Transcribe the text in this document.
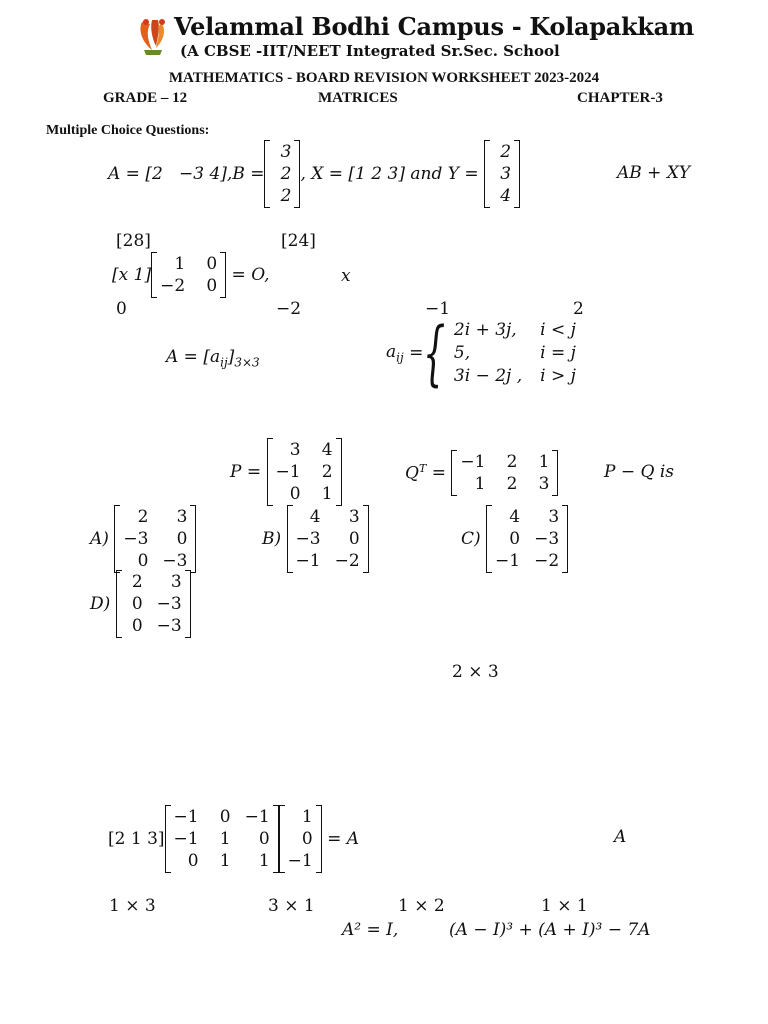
Velammal Bodhi Campus - Kolapakkam
(A CBSE -IIT/NEET Integrated Sr.Sec. School
MATHEMATICS - BOARD REVISION WORKSHEET 2023-2024
GRADE – 12	MATRICES	CHAPTER-3
Multiple Choice Questions:
A = [2
−3 4], B =
3
2
2
, X = [1 2 3]
and Y =

2
3
4
AB + XY
[28]	[24]
[x 1]
1	0
−2	0

= O,	x
0	−2	−1	2
$A = [a_{ij}]_{3\times 3}$
$a_{ij}$
= { 2i + 3j,	i < j
5,	i = j
3i − 2j , i > j
P =

3	4
−1	2
0	1
$Q^T$
=

−1	2	1
1	2	3
P − Q is
A)

2	3
−3	0
0 −3
B)

4	3
−3	0
−1 −2
C)

4	3
0 −3
−1 −2
D)

2	3
0 −3
0 −3
2 × 3
[2 1 3]
−1	0 −1
−1	1	0
0	1	1
1
0
−1

= A	A
1 × 3	3 × 1	1 × 2	1 × 1
A² = I,	(A − I)³ + (A + I)³ − 7A
